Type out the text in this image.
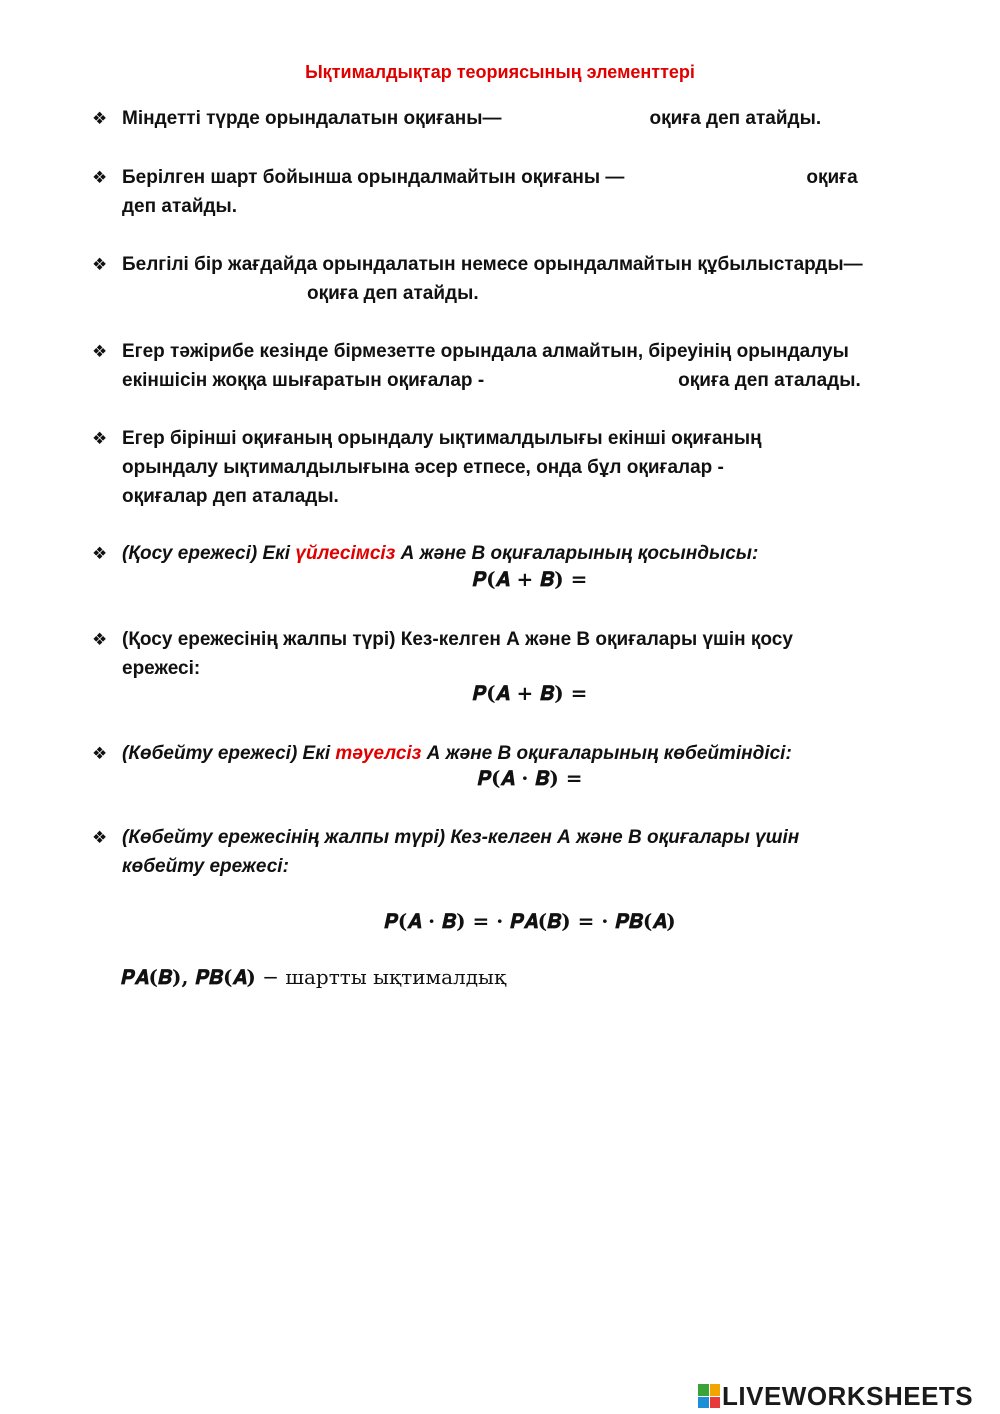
Ықтималдықтар теориясының элементтері
❖ Міндетті түрде орындалатын оқиғаны—	оқиға деп атайды.
❖ Берілген шарт бойынша орындалмайтын оқиғаны —	оқиға
деп атайды.
❖ Белгілі бір жағдайда орындалатын немесе орындалмайтын құбылыстарды—
оқиға деп атайды.
❖ Егер тәжірибе кезінде бірмезетте орындала алмайтын, біреуінің орындалуы
екіншісін жоққа шығаратын оқиғалар -	оқиға деп аталады.
❖ Егер бірінші оқиғаның орындалу ықтималдылығы екінші оқиғаның
орындалу ықтималдылығына әсер етпесе, онда бұл оқиғалар -
оқиғалар деп аталады.
❖ (Қосу ережесі) Екі үйлесімсіз А және В оқиғаларының қосындысы:
𝑷(𝑨 + 𝑩) =
❖ (Қосу ережесінің жалпы түрі) Кез-келген А және В оқиғалары үшін қосу
ережесі:
𝑷(𝑨 + 𝑩) =
❖ (Көбейту ережесі) Екі тәуелсіз А және В оқиғаларының көбейтіндісі:
𝑷(𝑨 · 𝑩) =
❖ (Көбейту ережесінің жалпы түрі) Кез-келген А және В оқиғалары үшін
көбейту ережесі:
𝑷(𝑨 · 𝑩) = · 𝑷𝑨(𝑩) = · 𝑷𝑩(𝑨)
𝑷𝑨(𝑩), 𝑷𝑩(𝑨) − шартты ықтималдық
LIVEWORKSHEETS
